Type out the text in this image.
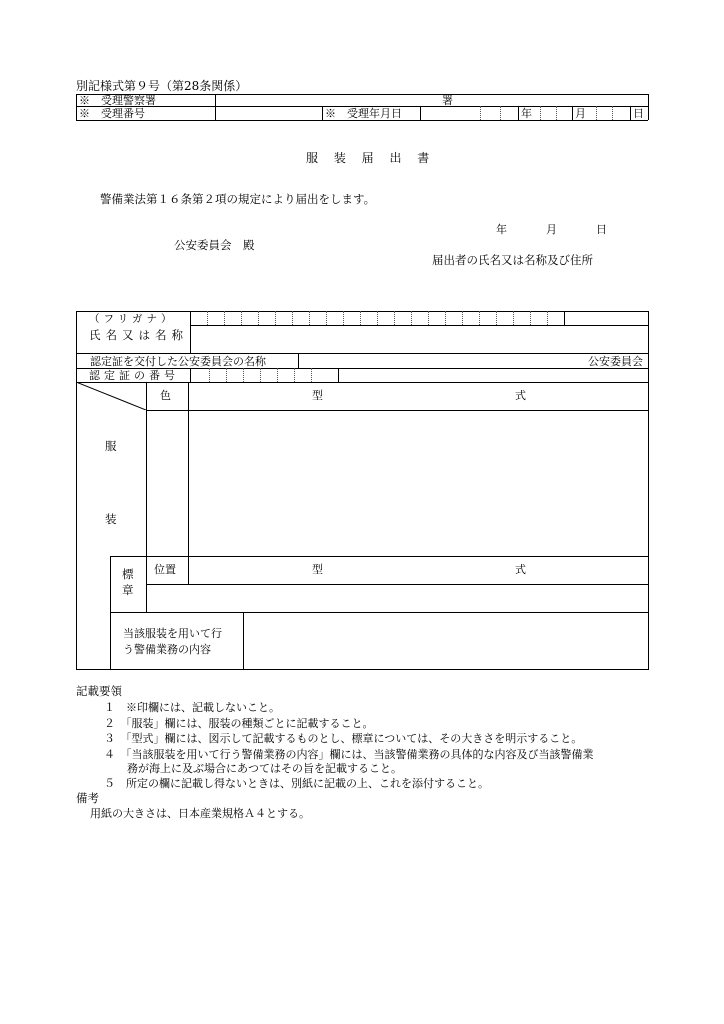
別記様式第９号（第28条関係）
※　受理警察署	署
※　受理番号	※　受理年月日	年	月	日
服 装 届 出 書
警備業法第１６条第２項の規定により届出をします。
年	月	日
公安委員会　殿
届出者の氏名又は名称及び住所
（フリガナ）
氏名又は名称
認定証を交付した公安委員会の名称	公安委員会
認定証の番号
色	型	式
服
装
標
章
位置	型	式
当該服装を用いて行
う警備業務の内容
記載要領
１　※印欄には、記載しないこと。
２　「服装」欄には、服装の種類ごとに記載すること。
３　「型式」欄には、図示して記載するものとし、標章については、その大きさを明示すること。
４　「当該服装を用いて行う警備業務の内容」欄には、当該警備業務の具体的な内容及び当該警備業
務が海上に及ぶ場合にあつてはその旨を記載すること。
５　所定の欄に記載し得ないときは、別紙に記載の上、これを添付すること。
備考
用紙の大きさは、日本産業規格Ａ４とする。
